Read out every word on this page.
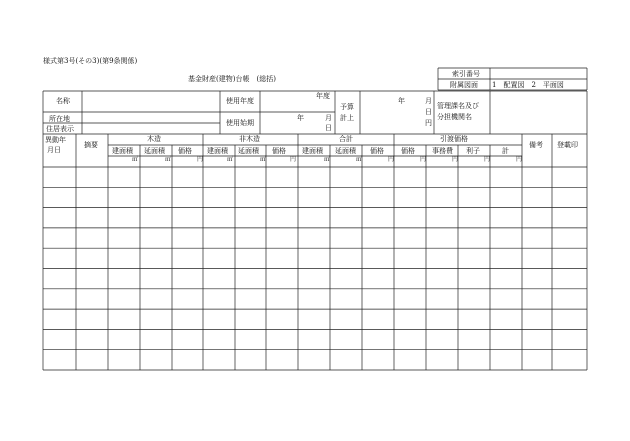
様式第3号(その3)(第9条関係)
基金財産(建物)台帳　(総括)
索引番号
附属図面 1　配置図　2　平面図
名称
所在地
住居表示
使用年度
年度
使用始期
年	月
日
予算
計上
年	月
日
円
管理課名及び
分担機関名
異動年
月日
摘要
木造	非木造	合計	引渡価格
備考 登載印
建面積 延面積 価格 建面積 延面積 価格 建面積 延面積 価格 価格 事務費 利子	計
㎡	㎡	円	㎡	㎡	円	㎡	㎡	円	円	円	円	円
